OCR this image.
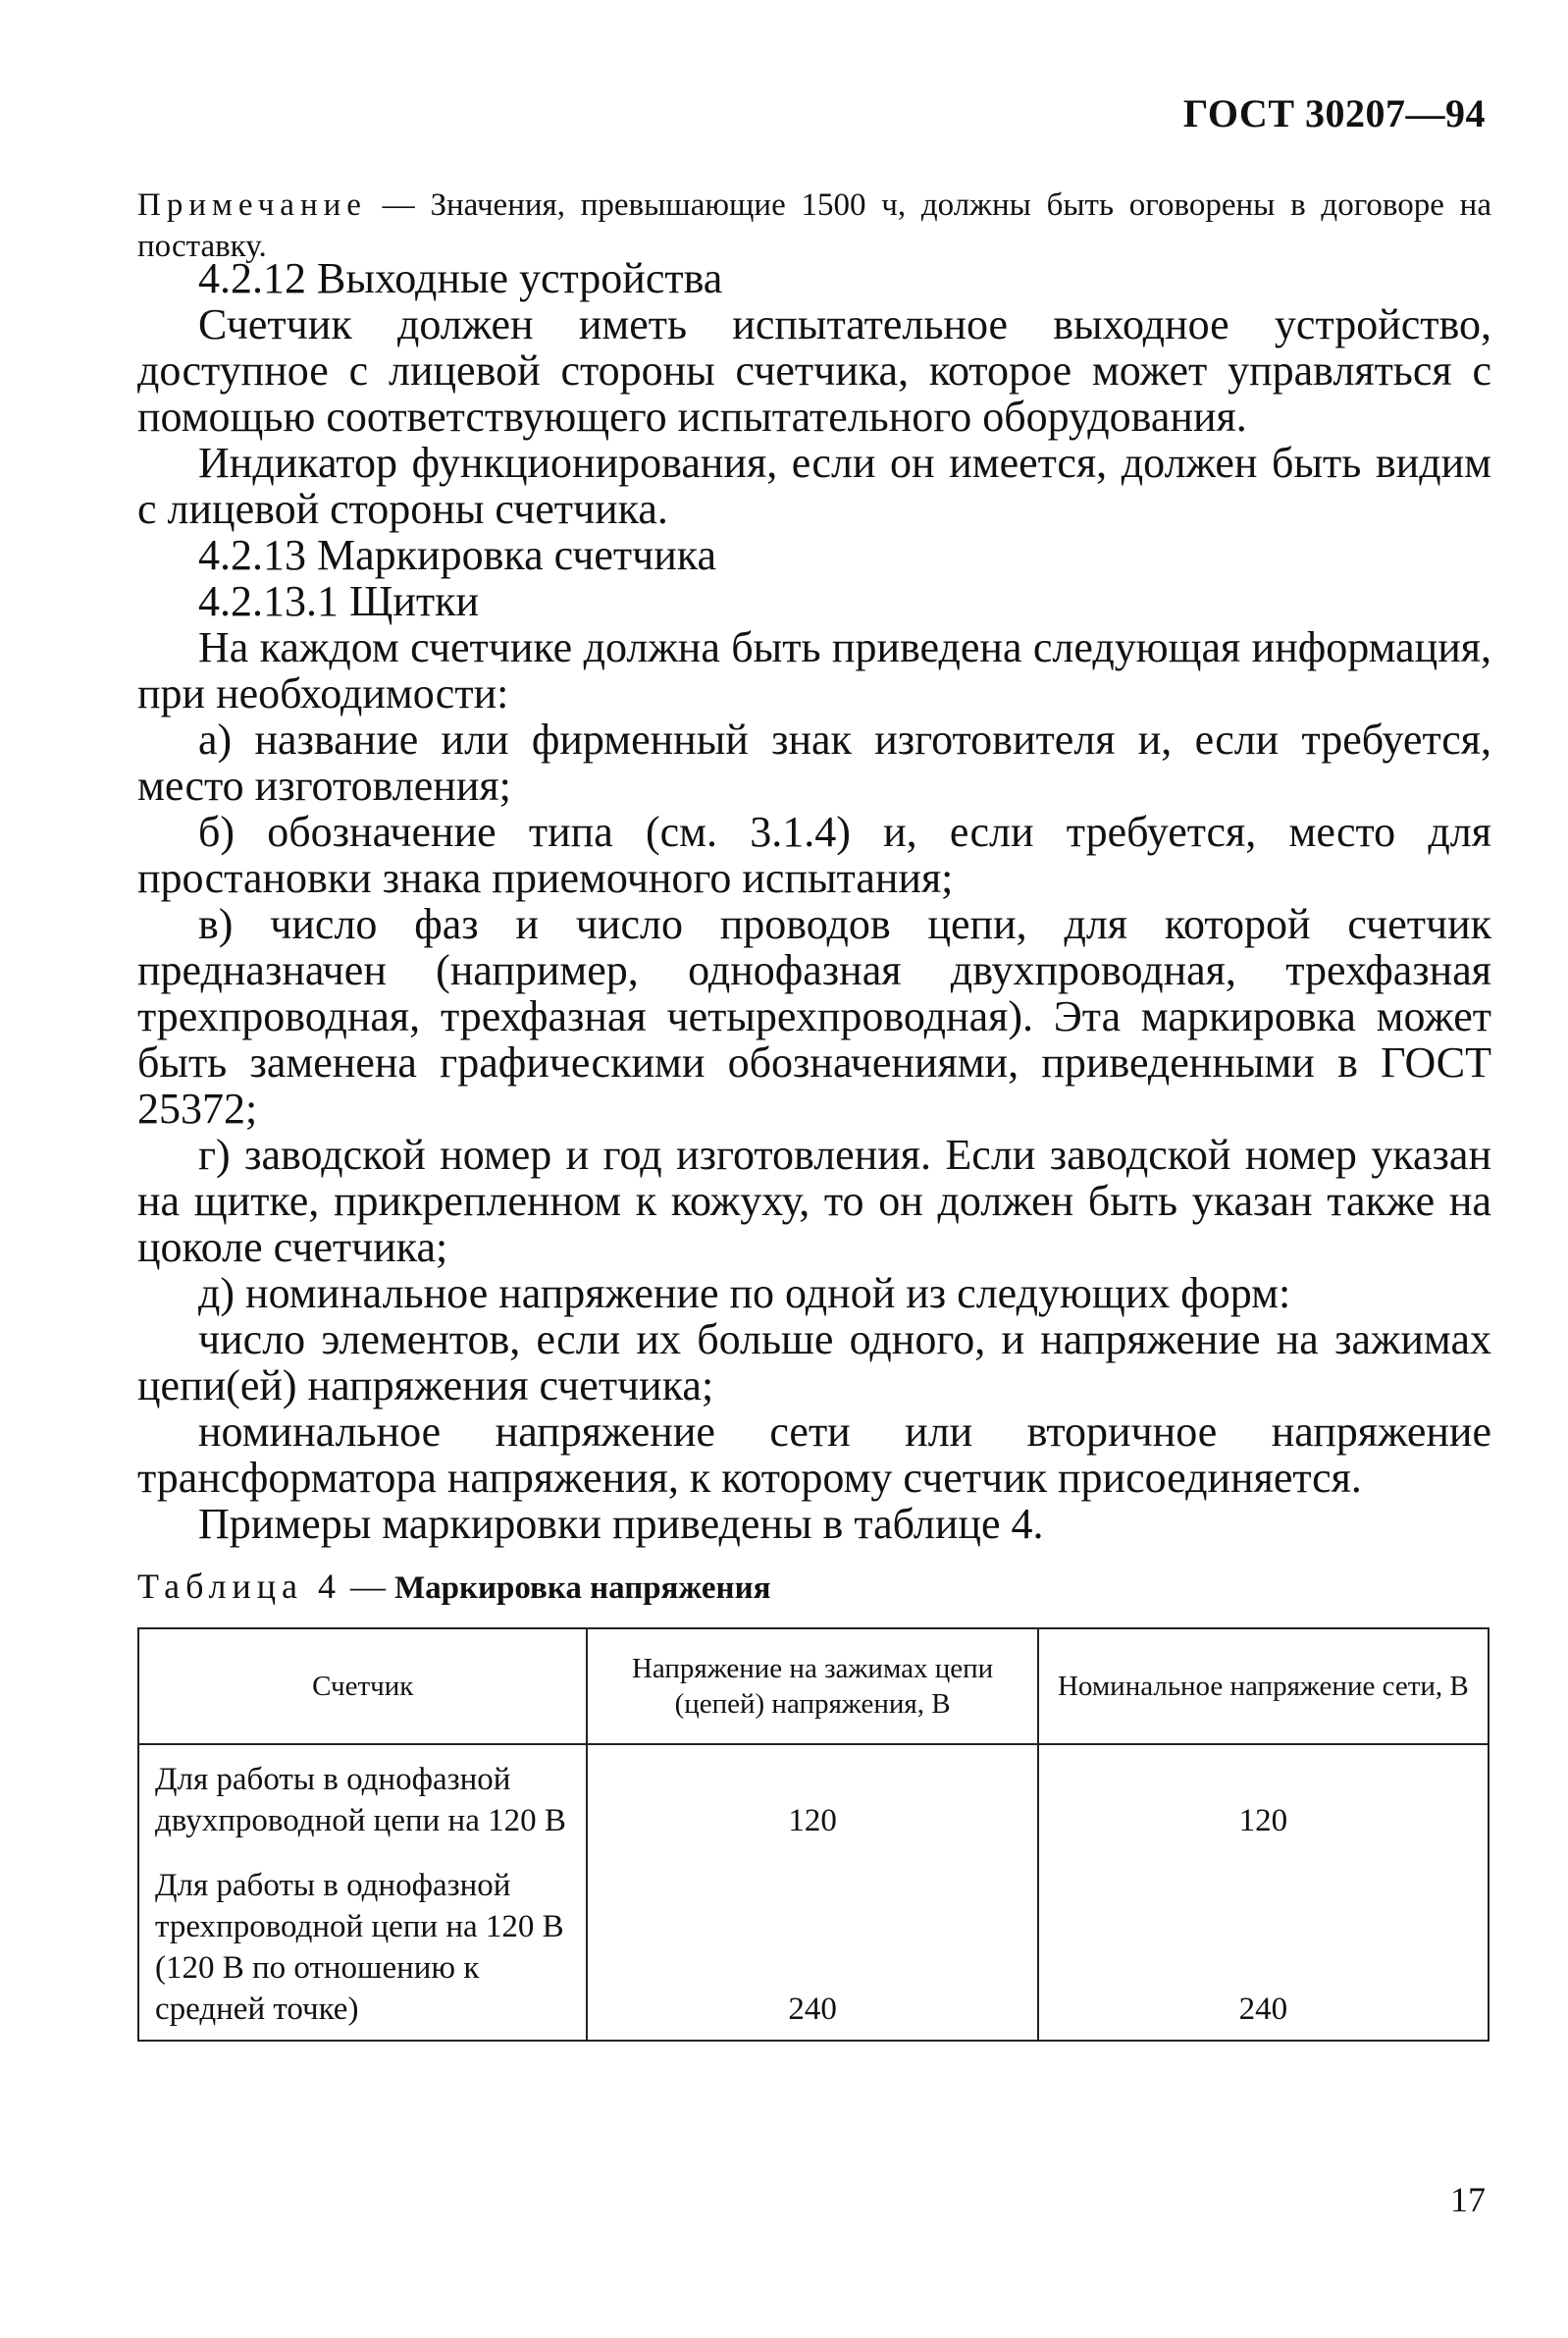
ГОСТ 30207—94
Примечание — Значения, превышающие 1500 ч, должны быть оговорены в договоре на поставку.

4.2.12 Выходные устройства

Счетчик должен иметь испытательное выходное устройство, доступное с лицевой стороны счетчика, которое может управляться с помощью соответствующего испытательного оборудования.

Индикатор функционирования, если он имеется, должен быть видим с лицевой стороны счетчика.

4.2.13 Маркировка счетчика

4.2.13.1 Щитки

На каждом счетчике должна быть приведена следующая информация, при необходимости:

а) название или фирменный знак изготовителя и, если требуется, место изготовления;

б) обозначение типа (см. 3.1.4) и, если требуется, место для простановки знака приемочного испытания;

в) число фаз и число проводов цепи, для которой счетчик предназначен (например, однофазная двухпроводная, трехфазная трехпроводная, трехфазная четырехпроводная). Эта маркировка может быть заменена графическими обозначениями, приведенными в ГОСТ 25372;

г) заводской номер и год изготовления. Если заводской номер указан на щитке, прикрепленном к кожуху, то он должен быть указан также на цоколе счетчика;

д) номинальное напряжение по одной из следующих форм:

число элементов, если их больше одного, и напряжение на зажимах цепи(ей) напряжения счетчика;

номинальное напряжение сети или вторичное напряжение трансформатора напряжения, к которому счетчик присоединяется.

Примеры маркировки приведены в таблице 4.

Таблица 4 — Маркировка напряжения
Счетчик	Напряжение на зажимах цепи (цепей) напряжения, В	Номинальное напряжение сети, В
Для работы в однофазной двухпроводной цепи на 120 В	120	120
Для работы в однофазной трехпроводной цепи на 120 В (120 В по отношению к средней точке)	240	240
17
